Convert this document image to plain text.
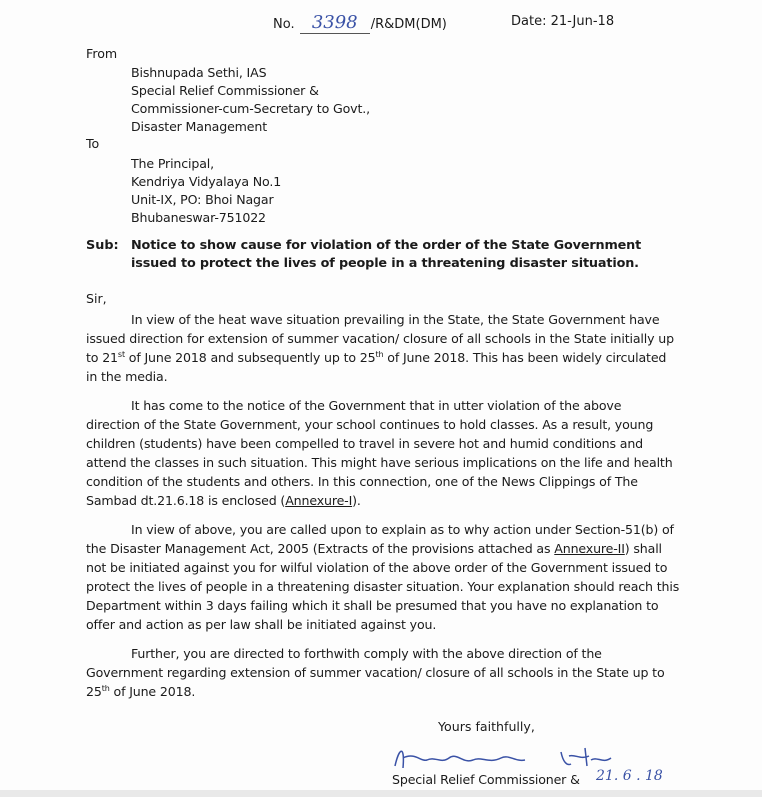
No. 3398 /R&DM(DM)	Date: 21-Jun-18
From
Bishnupada Sethi, IAS
Special Relief Commissioner &
Commissioner-cum-Secretary to Govt.,
Disaster Management
To
The Principal,
Kendriya Vidyalaya No.1
Unit-IX, PO: Bhoi Nagar
Bhubaneswar-751022
Sub: Notice to show cause for violation of the order of the State Government
issued to protect the lives of people in a threatening disaster situation.
Sir,
In view of the heat wave situation prevailing in the State, the State Government have
issued direction for extension of summer vacation/ closure of all schools in the State initially up
to 21st of June 2018 and subsequently up to 25th of June 2018. This has been widely circulated
in the media.
It has come to the notice of the Government that in utter violation of the above
direction of the State Government, your school continues to hold classes. As a result, young
children (students) have been compelled to travel in severe hot and humid conditions and
attend the classes in such situation. This might have serious implications on the life and health
condition of the students and others. In this connection, one of the News Clippings of The
Sambad dt.21.6.18 is enclosed (Annexure-I).
In view of above, you are called upon to explain as to why action under Section-51(b) of
the Disaster Management Act, 2005 (Extracts of the provisions attached as Annexure-II) shall
not be initiated against you for wilful violation of the above order of the Government issued to
protect the lives of people in a threatening disaster situation. Your explanation should reach this
Department within 3 days failing which it shall be presumed that you have no explanation to
offer and action as per law shall be initiated against you.
Further, you are directed to forthwith comply with the above direction of the
Government regarding extension of summer vacation/ closure of all schools in the State up to
25th of June 2018.
Yours faithfully,
21. 6 . 18
Special Relief Commissioner &
